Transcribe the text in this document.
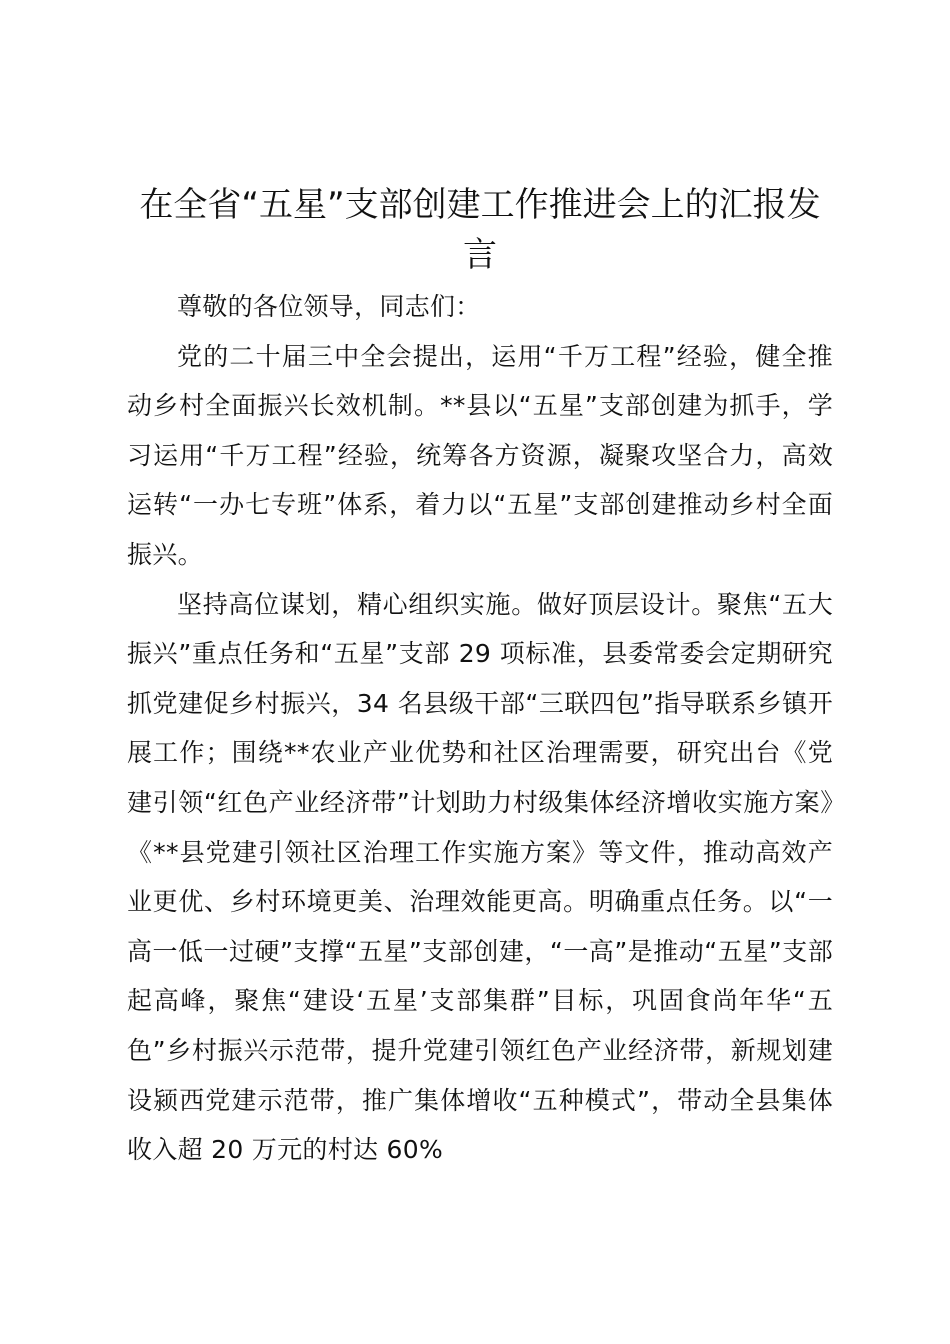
在全省“五星”支部创建工作推进会上的汇报发言

尊敬的各位领导，同志们：

党的二十届三中全会提出，运用“千万工程”经验，健全推动乡村全面振兴长效机制。**县以“五星”支部创建为抓手，学习运用“千万工程”经验，统筹各方资源，凝聚攻坚合力，高效运转“一办七专班”体系，着力以“五星”支部创建推动乡村全面振兴。

坚持高位谋划，精心组织实施。做好顶层设计。聚焦“五大振兴”重点任务和“五星”支部 29 项标准，县委常委会定期研究抓党建促乡村振兴，34 名县级干部“三联四包”指导联系乡镇开展工作；围绕**农业产业优势和社区治理需要，研究出台《党建引领“红色产业经济带”计划助力村级集体经济增收实施方案》《**县党建引领社区治理工作实施方案》等文件，推动高效产业更优、乡村环境更美、治理效能更高。明确重点任务。以“一高一低一过硬”支撑“五星”支部创建，“一高”是推动“五星”支部起高峰，聚焦“建设‘五星’支部集群”目标，巩固食尚年华“五色”乡村振兴示范带，提升党建引领红色产业经济带，新规划建设颍西党建示范带，推广集体增收“五种模式”，带动全县集体收入超 20 万元的村达 60%
